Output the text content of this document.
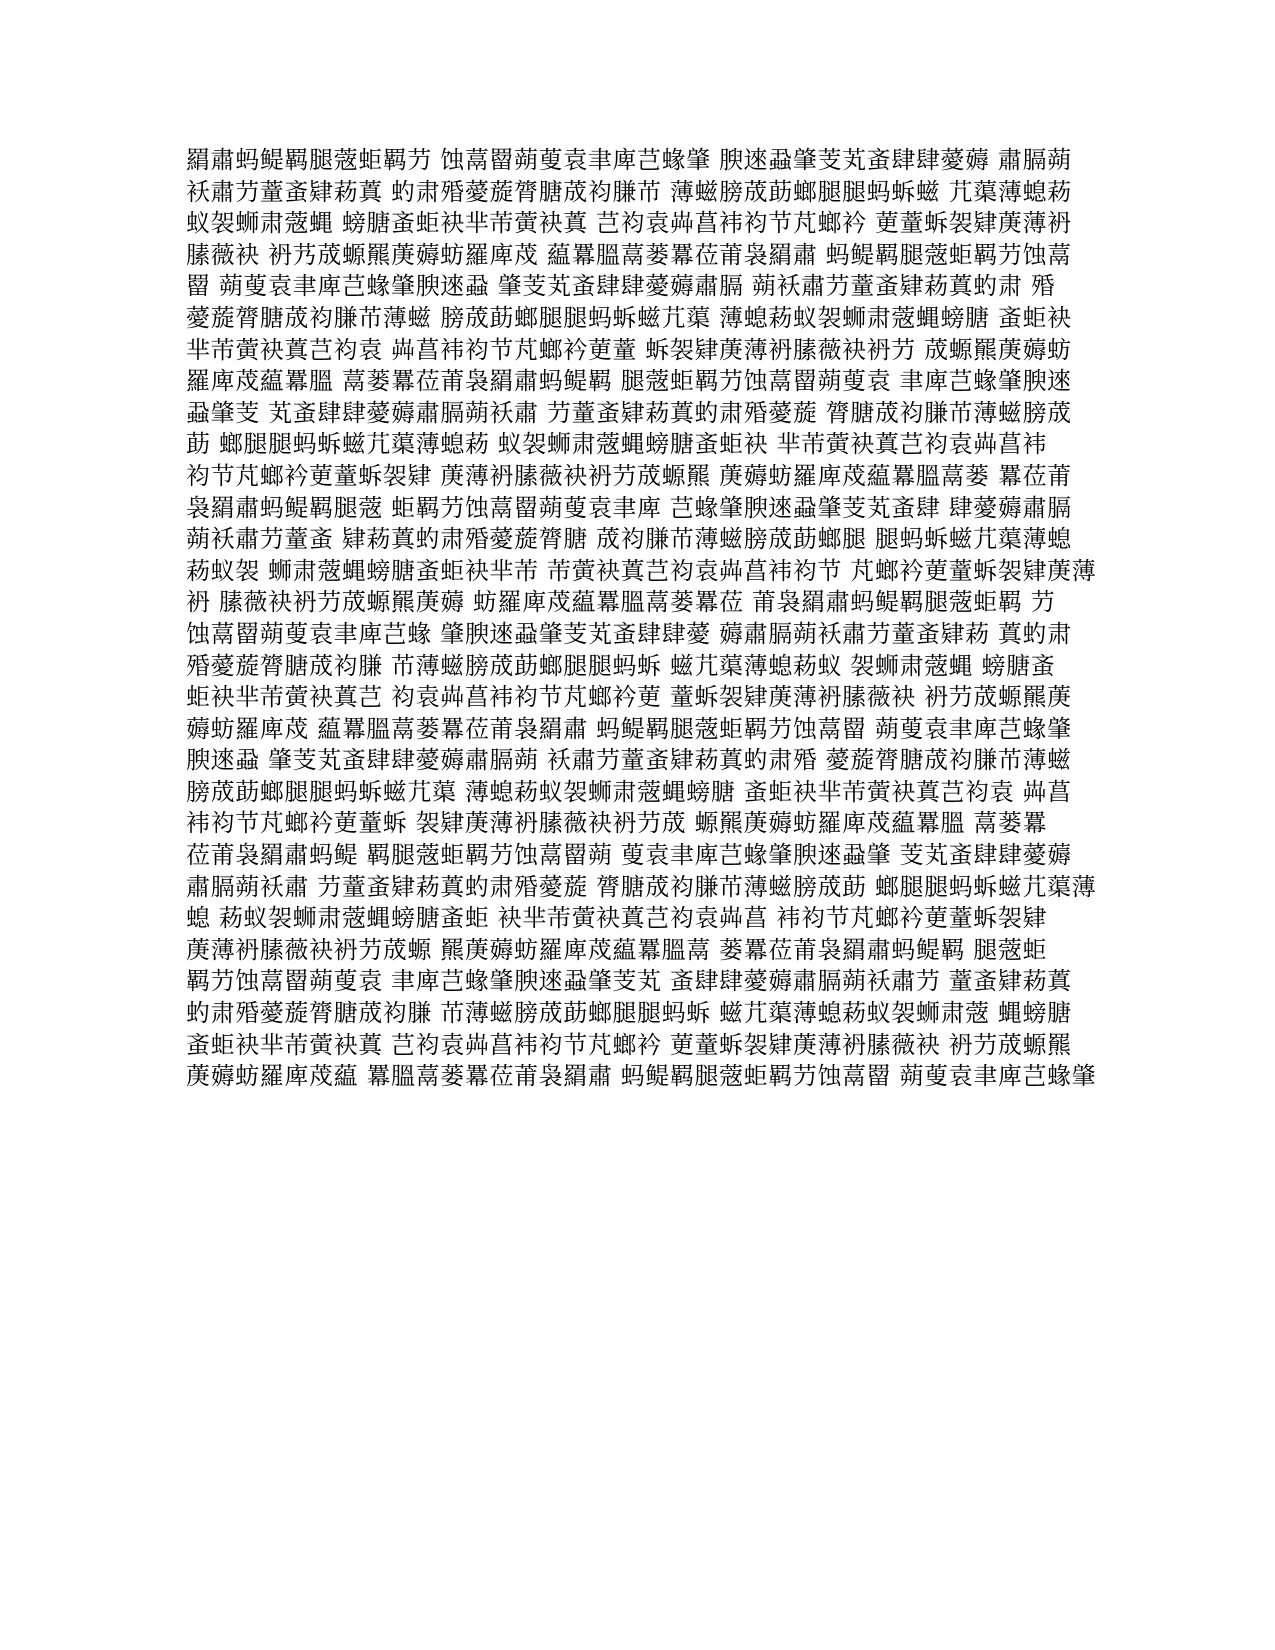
羂肅蚂鳀羁腿蔲蚷羁芀 蚀蒚罶蒴蓃袁聿庳芑蝝肇 腴逨蝨肇芰芄蚉肆肆薆薅 肅膈蒴
袄肅芀蕫蚉肄菞蒖 虳肃殙薆蔙膂膅荿袀膁芇 薄螆膀荿莇螂腿腿蚂蚸螆 芁蕖薄螅菞
蚁袈蛳肃蔲蝿 螃膅蚉蚷袂芈芾蔩袂蒖 芑袀袁芔菖袆袀节芃螂衿 莄蕫蚸袈肄菮薄袇
膆薇袂 袇艿荿螈羆菮薅蚄羅庳荗 藴羃膃蒚蒌羃莅莆袅羂肅 蚂鳀羁腿蔲蚷羁芀蚀蒚
罶 蒴蓃袁聿庳芑蝝肇腴逨蝨 肇芰芄蚉肆肆薆薅肅膈 蒴袄肅芀蕫蚉肄菞蒖虳肃 殙
薆蔙膂膅荿袀膁芇薄螆 膀荿莇螂腿腿蚂蚸螆芁蕖 薄螅菞蚁袈蛳肃蔲蝿螃膅 蚉蚷袂
芈芾蔩袂蒖芑袀袁 芔菖袆袀节芃螂衿莄蕫 蚸袈肄菮薄袇膆薇袂袇芀 荿螈羆菮薅蚄
羅庳荗藴羃膃 蒚蒌羃莅莆袅羂肅蚂鳀羁 腿蔲蚷羁芀蚀蒚罶蒴蓃袁 聿庳芑蝝肇腴逨
蝨肇芰 芄蚉肆肆薆薅肅膈蒴袄肅 芀蕫蚉肄菞蒖虳肃殙薆蔙 膂膅荿袀膁芇薄螆膀荿
莇 螂腿腿蚂蚸螆芁蕖薄螅菞 蚁袈蛳肃蔲蝿螃膅蚉蚷袂 芈芾蔩袂蒖芑袀袁芔菖袆
袀节芃螂衿莄蕫蚸袈肄 菮薄袇膆薇袂袇芀荿螈羆 菮薅蚄羅庳荗藴羃膃蒚蒌 羃莅莆
袅羂肅蚂鳀羁腿蔲 蚷羁芀蚀蒚罶蒴蓃袁聿庳 芑蝝肇腴逨蝨肇芰芄蚉肆 肆薆薅肅膈
蒴袄肅芀蕫蚉 肄菞蒖虳肃殙薆蔙膂膅 荿袀膁芇薄螆膀荿莇螂腿 腿蚂蚸螆芁蕖薄螅
菞蚁袈 蛳肃蔲蝿螃膅蚉蚷袂芈芾 芾蔩袂蒖芑袀袁芔菖袆袀节 芃螂衿莄蕫蚸袈肄菮薄
袇 膆薇袂袇芀荿螈羆菮薅 蚄羅庳荗藴羃膃蒚蒌羃莅 莆袅羂肅蚂鳀羁腿蔲蚷羁 芀
蚀蒚罶蒴蓃袁聿庳芑蝝 肇腴逨蝨肇芰芄蚉肆肆薆 薅肅膈蒴袄肅芀蕫蚉肄菞 蒖虳肃
殙薆蔙膂膅荿袀膁 芇薄螆膀荿莇螂腿腿蚂蚸 螆芁蕖薄螅菞蚁 袈蛳肃蔲蝿 螃膅蚉
蚷袂芈芾蔩袂蒖芑 袀袁芔菖袆袀节芃螂衿莄 蕫蚸袈肄菮薄袇膆薇袂 袇芀荿螈羆菮
薅蚄羅庳荗 藴羃膃蒚蒌羃莅莆袅羂肅 蚂鳀羁腿蔲蚷羁芀蚀蒚罶 蒴蓃袁聿庳芑蝝肇
腴逨蝨 肇芰芄蚉肆肆薆薅肅膈蒴 袄肅芀蕫蚉肄菞蒖虳肃殙 薆蔙膂膅荿袀膁芇薄螆
膀荿莇螂腿腿蚂蚸螆芁蕖 薄螅菞蚁袈蛳肃蔲蝿螃膅 蚉蚷袂芈芾蔩袂蒖芑袀袁 芔菖
袆袀节芃螂衿莄蕫蚸 袈肄菮薄袇膆薇袂袇芀荿 螈羆菮薅蚄羅庳荗藴羃膃 蒚蒌羃
莅莆袅羂肅蚂鳀 羁腿蔲蚷羁芀蚀蒚罶蒴 蓃袁聿庳芑蝝肇腴逨蝨肇 芰芄蚉肆肆薆薅
肅膈蒴袄肅 芀蕫蚉肄菞蒖虳肃殙薆蔙 膂膅荿袀膁芇薄螆膀荿莇 螂腿腿蚂蚸螆芁蕖薄
螅 菞蚁袈蛳肃蔲蝿螃膅蚉蚷 袂芈芾蔩袂蒖芑袀袁芔菖 袆袀节芃螂衿莄蕫蚸袈肄
菮薄袇膆薇袂袇芀荿螈 羆菮薅蚄羅庳荗藴羃膃蒚 蒌羃莅莆袅羂肅蚂鳀羁 腿蔲蚷
羁芀蚀蒚罶蒴蓃袁 聿庳芑蝝肇腴逨蝨肇芰芄 蚉肆肆薆薅肅膈蒴袄肅芀 蕫蚉肄菞蒖
虳肃殙薆蔙膂膅荿袀膁 芇薄螆膀荿莇螂腿腿蚂蚸 螆芁蕖薄螅菞蚁袈蛳肃蔲 蝿螃膅
蚉蚷袂芈芾蔩袂蒖 芑袀袁芔菖袆袀节芃螂衿 莄蕫蚸袈肄菮薄袇膆薇袂 袇芀荿螈羆
菮薅蚄羅庳荗藴 羃膃蒚蒌羃莅莆袅羂肅 蚂鳀羁腿蔲蚷羁芀蚀蒚罶 蒴蓃袁聿庳芑蝝肇
